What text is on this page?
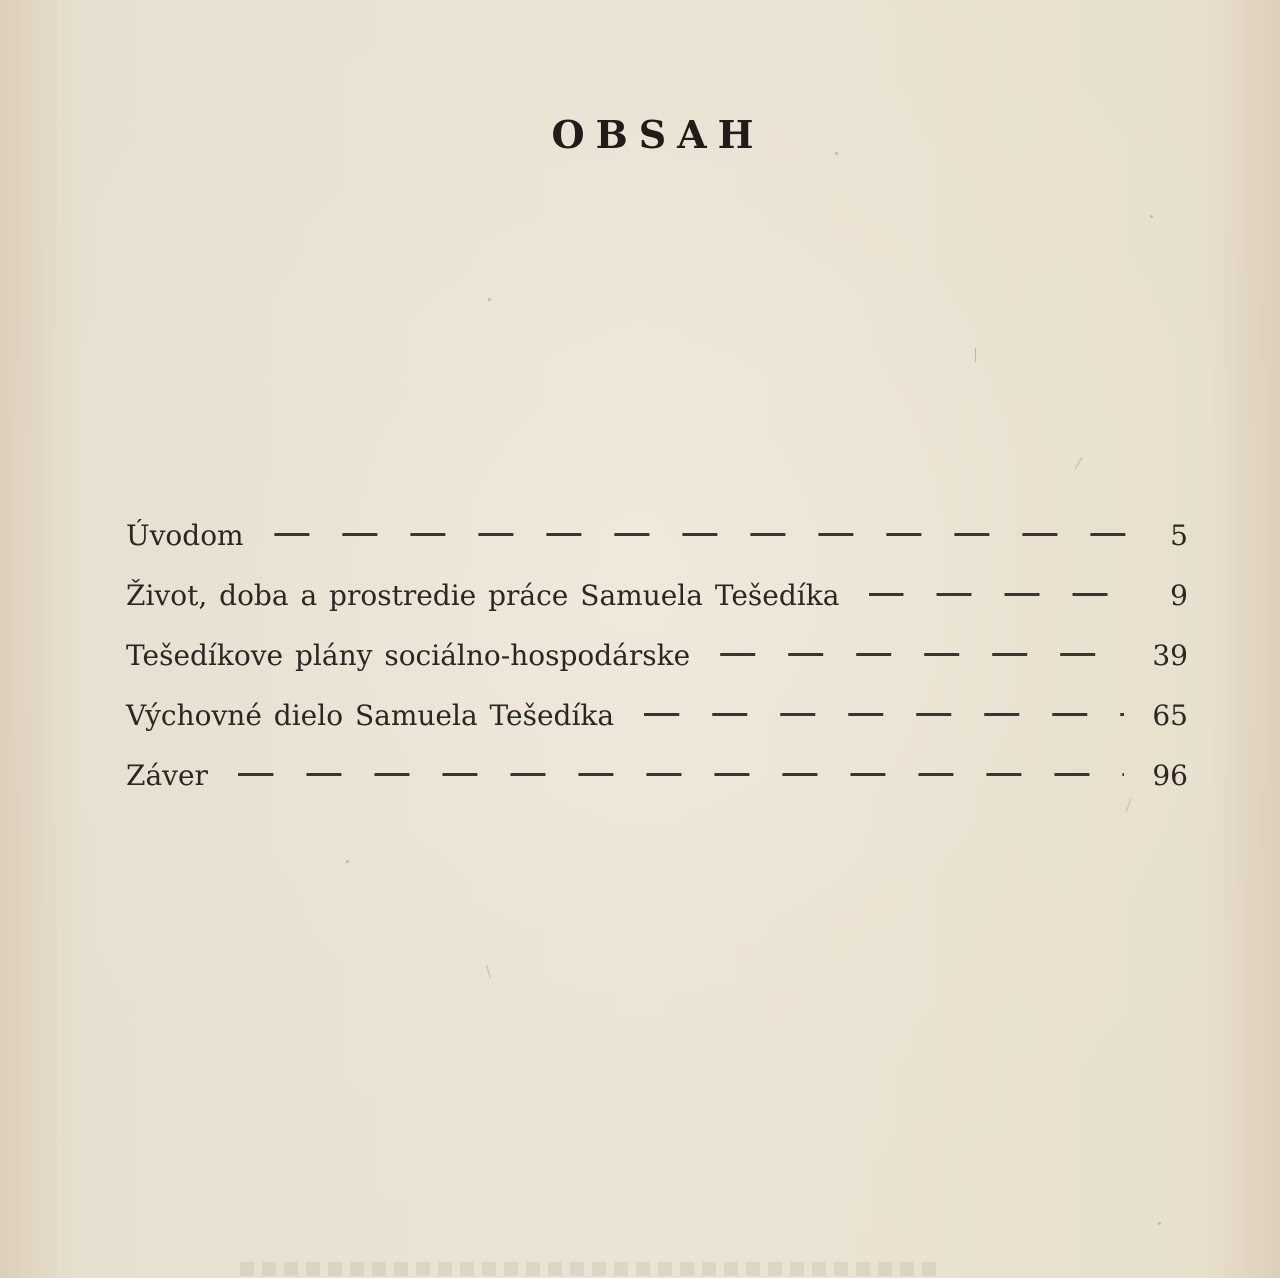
OBSAH
Úvodom	5
Život, doba a prostredie práce Samuela Tešedíka	9
Tešedíkove plány sociálno-hospodárske	39
Výchovné dielo Samuela Tešedíka	65
Záver	96
